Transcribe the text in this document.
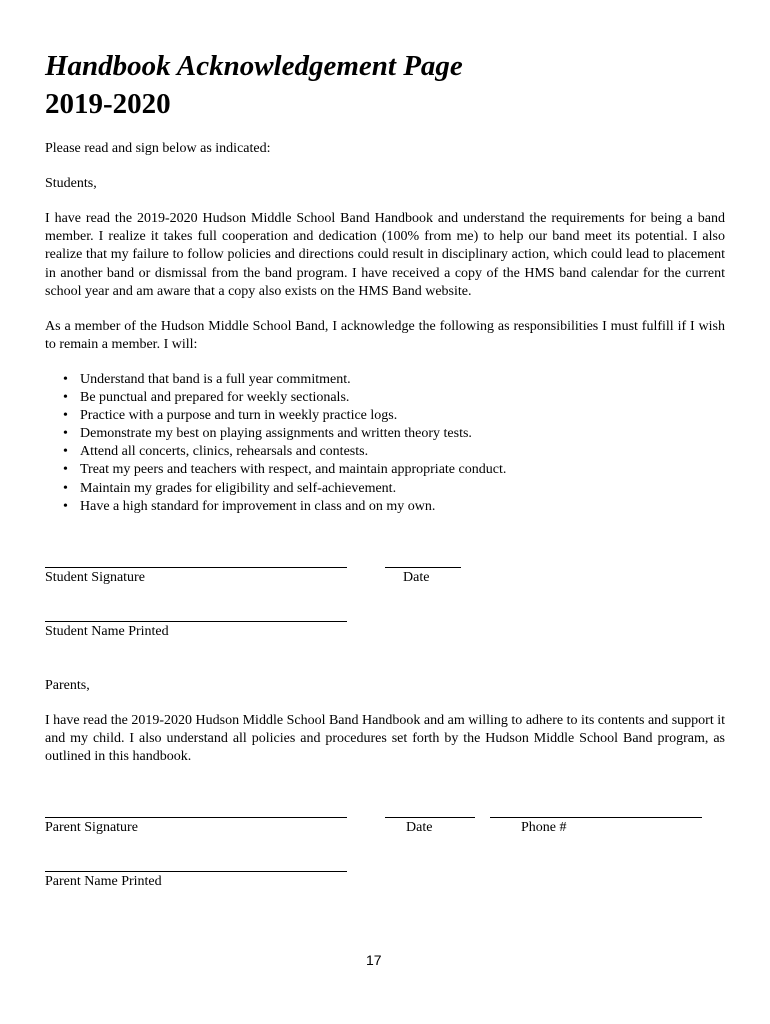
Handbook Acknowledgement Page
2019-2020
Please read and sign below as indicated:
Students,
I have read the 2019-2020 Hudson Middle School Band Handbook and understand the requirements for being a band member. I realize it takes full cooperation and dedication (100% from me) to help our band meet its potential. I also realize that my failure to follow policies and directions could result in disciplinary action, which could lead to placement in another band or dismissal from the band program. I have received a copy of the HMS band calendar for the current school year and am aware that a copy also exists on the HMS Band website.
As a member of the Hudson Middle School Band, I acknowledge the following as responsibilities I must fulfill if I wish to remain a member. I will:
• Understand that band is a full year commitment.
• Be punctual and prepared for weekly sectionals.
• Practice with a purpose and turn in weekly practice logs.
• Demonstrate my best on playing assignments and written theory tests.
• Attend all concerts, clinics, rehearsals and contests.
• Treat my peers and teachers with respect, and maintain appropriate conduct.
• Maintain my grades for eligibility and self-achievement.
• Have a high standard for improvement in class and on my own.
Student Signature	Date
Student Name Printed
Parents,
I have read the 2019-2020 Hudson Middle School Band Handbook and am willing to adhere to its contents and support it and my child. I also understand all policies and procedures set forth by the Hudson Middle School Band program, as outlined in this handbook.
Parent Signature	Date	Phone #
Parent Name Printed
17
